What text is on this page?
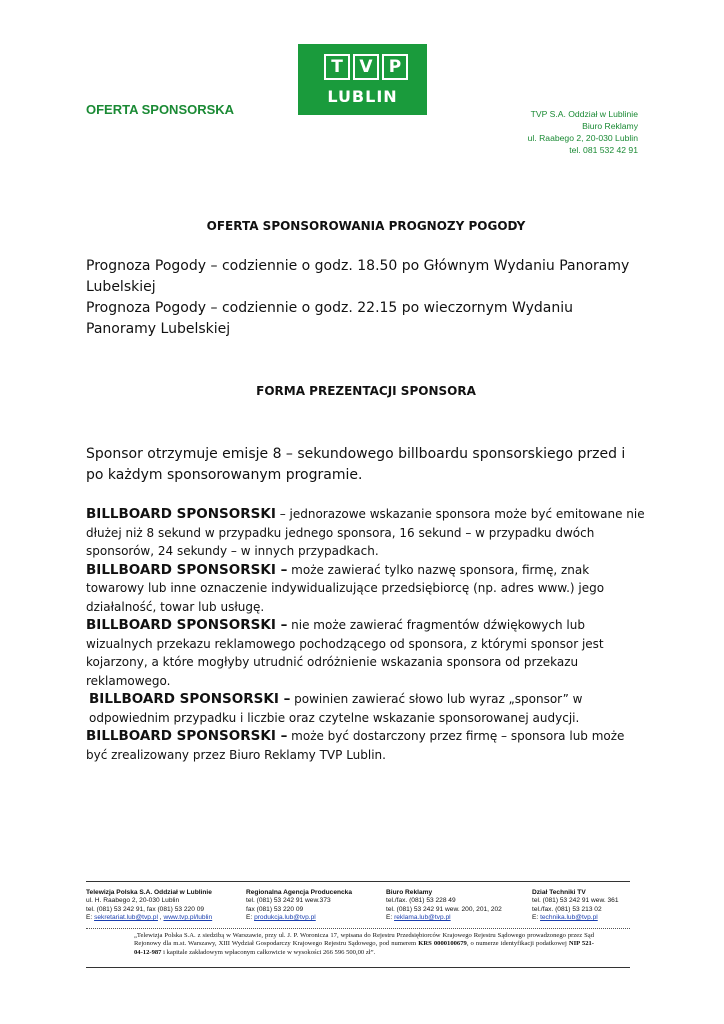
OFERTA SPONSORSKA
T V P
LUBLIN
TVP S.A. Oddział w Lublinie
Biuro Reklamy
ul. Raabego 2, 20-030 Lublin
tel. 081 532 42 91
OFERTA SPONSOROWANIA PROGNOZY POGODY

Prognoza Pogody – codziennie o godz. 18.50 po Głównym Wydaniu Panoramy Lubelskiej

Prognoza Pogody – codziennie o godz. 22.15 po wieczornym Wydaniu Panoramy Lubelskiej

FORMA PREZENTACJI SPONSORA

Sponsor otrzymuje emisje 8 – sekundowego billboardu sponsorskiego przed i po każdym sponsorowanym programie.

BILLBOARD SPONSORSKI – jednorazowe wskazanie sponsora może być emitowane nie dłużej niż 8 sekund w przypadku jednego sponsora, 16 sekund – w przypadku dwóch sponsorów, 24 sekundy – w innych przypadkach.

BILLBOARD SPONSORSKI – może zawierać tylko nazwę sponsora, firmę, znak towarowy lub inne oznaczenie indywidualizujące przedsiębiorcę (np. adres www.) jego działalność, towar lub usługę.

BILLBOARD SPONSORSKI – nie może zawierać fragmentów dźwiękowych lub wizualnych przekazu reklamowego pochodzącego od sponsora, z którymi sponsor jest kojarzony, a które mogłyby utrudnić odróżnienie wskazania sponsora od przekazu reklamowego.

BILLBOARD SPONSORSKI – powinien zawierać słowo lub wyraz „sponsor” w odpowiednim przypadku i liczbie oraz czytelne wskazanie sponsorowanej audycji.

BILLBOARD SPONSORSKI – może być dostarczony przez firmę – sponsora lub może być zrealizowany przez Biuro Reklamy TVP Lublin.

Telewizja Polska S.A. Oddział w Lublinie
ul. H. Raabego 2, 20-030 Lublin
tel. (081) 53 242 91, fax (081) 53 220 09
E: sekretariat.lub@tvp.pl , www.tvp.pl/lublin
Regionalna Agencja Producencka
tel. (081) 53 242 91 wew.373
fax (081) 53 220 09
E: produkcja.lub@tvp.pl
Biuro Reklamy
tel./fax. (081) 53 228 49
tel. (081) 53 242 91 wew. 200, 201, 202
E: reklama.lub@tvp.pl
Dział Techniki TV
tel. (081) 53 242 91 wew. 361
tel./fax. (081) 53 213 02
E: technika.lub@tvp.pl
„Telewizja Polska S.A. z siedzibą w Warszawie, przy ul. J. P. Woronicza 17, wpisana do Rejestru Przedsiębiorców Krajowego Rejestru Sądowego prowadzonego przez Sąd Rejonowy dla m.st. Warszawy, XIII Wydział Gospodarczy Krajowego Rejestru Sądowego, pod numerem KRS 0000100679, o numerze identyfikacji podatkowej NIP 521-04-12-987 i kapitale zakładowym wpłaconym całkowicie w wysokości 266 596 500,00 zł”.
